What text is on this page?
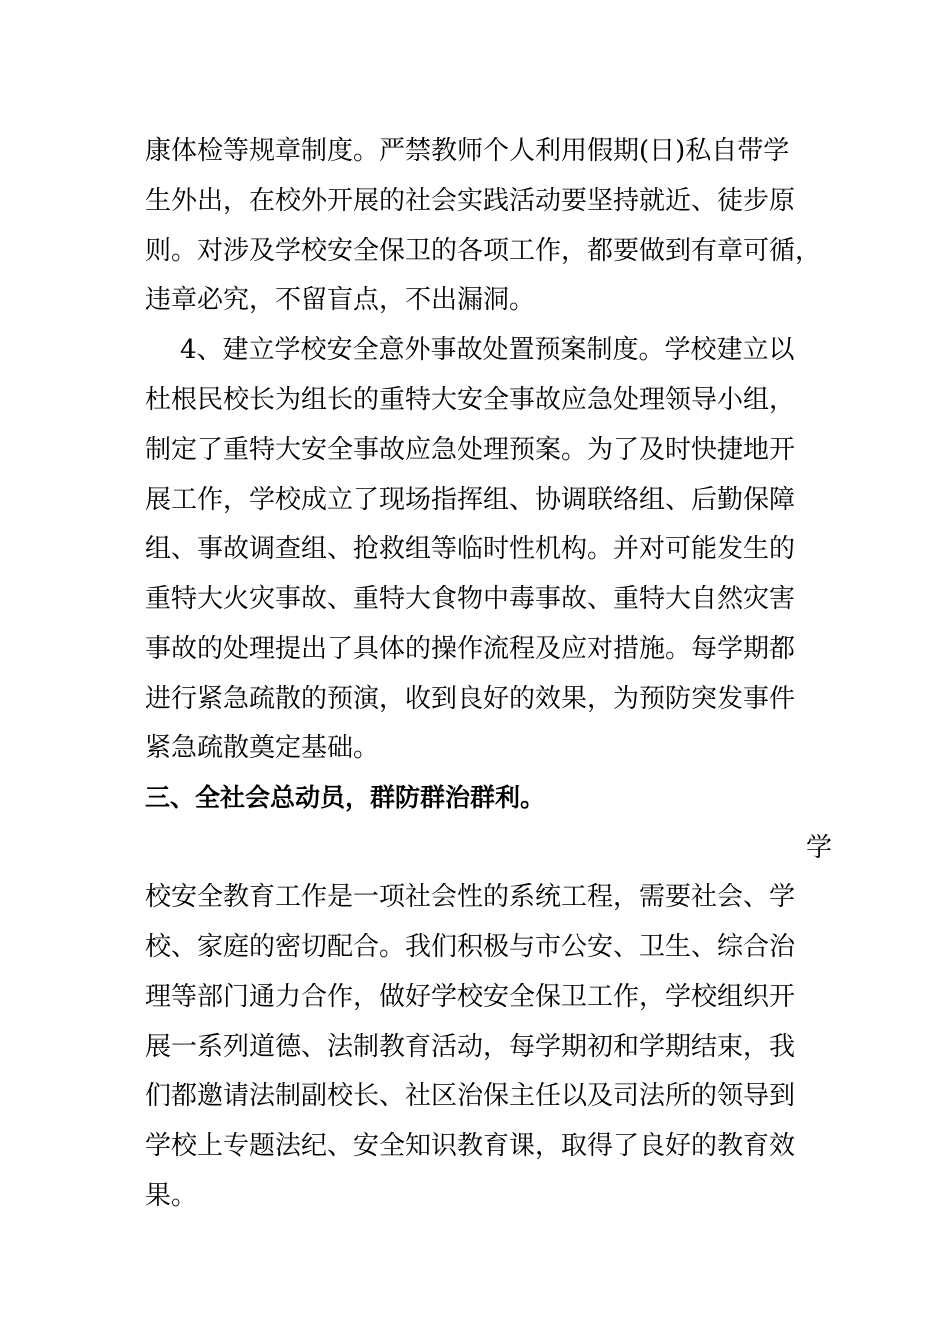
康体检等规章制度。严禁教师个人利用假期(日)私自带学
生外出，在校外开展的社会实践活动要坚持就近、徒步原
则。对涉及学校安全保卫的各项工作，都要做到有章可循，
违章必究，不留盲点，不出漏洞。
4、建立学校安全意外事故处置预案制度。学校建立以
杜根民校长为组长的重特大安全事故应急处理领导小组，
制定了重特大安全事故应急处理预案。为了及时快捷地开
展工作，学校成立了现场指挥组、协调联络组、后勤保障
组、事故调查组、抢救组等临时性机构。并对可能发生的
重特大火灾事故、重特大食物中毒事故、重特大自然灾害
事故的处理提出了具体的操作流程及应对措施。每学期都
进行紧急疏散的预演，收到良好的效果，为预防突发事件
紧急疏散奠定基础。
三、全社会总动员，群防群治群利。
学
校安全教育工作是一项社会性的系统工程，需要社会、学
校、家庭的密切配合。我们积极与市公安、卫生、综合治
理等部门通力合作，做好学校安全保卫工作，学校组织开
展一系列道德、法制教育活动，每学期初和学期结束，我
们都邀请法制副校长、社区治保主任以及司法所的领导到
学校上专题法纪、安全知识教育课，取得了良好的教育效
果。
